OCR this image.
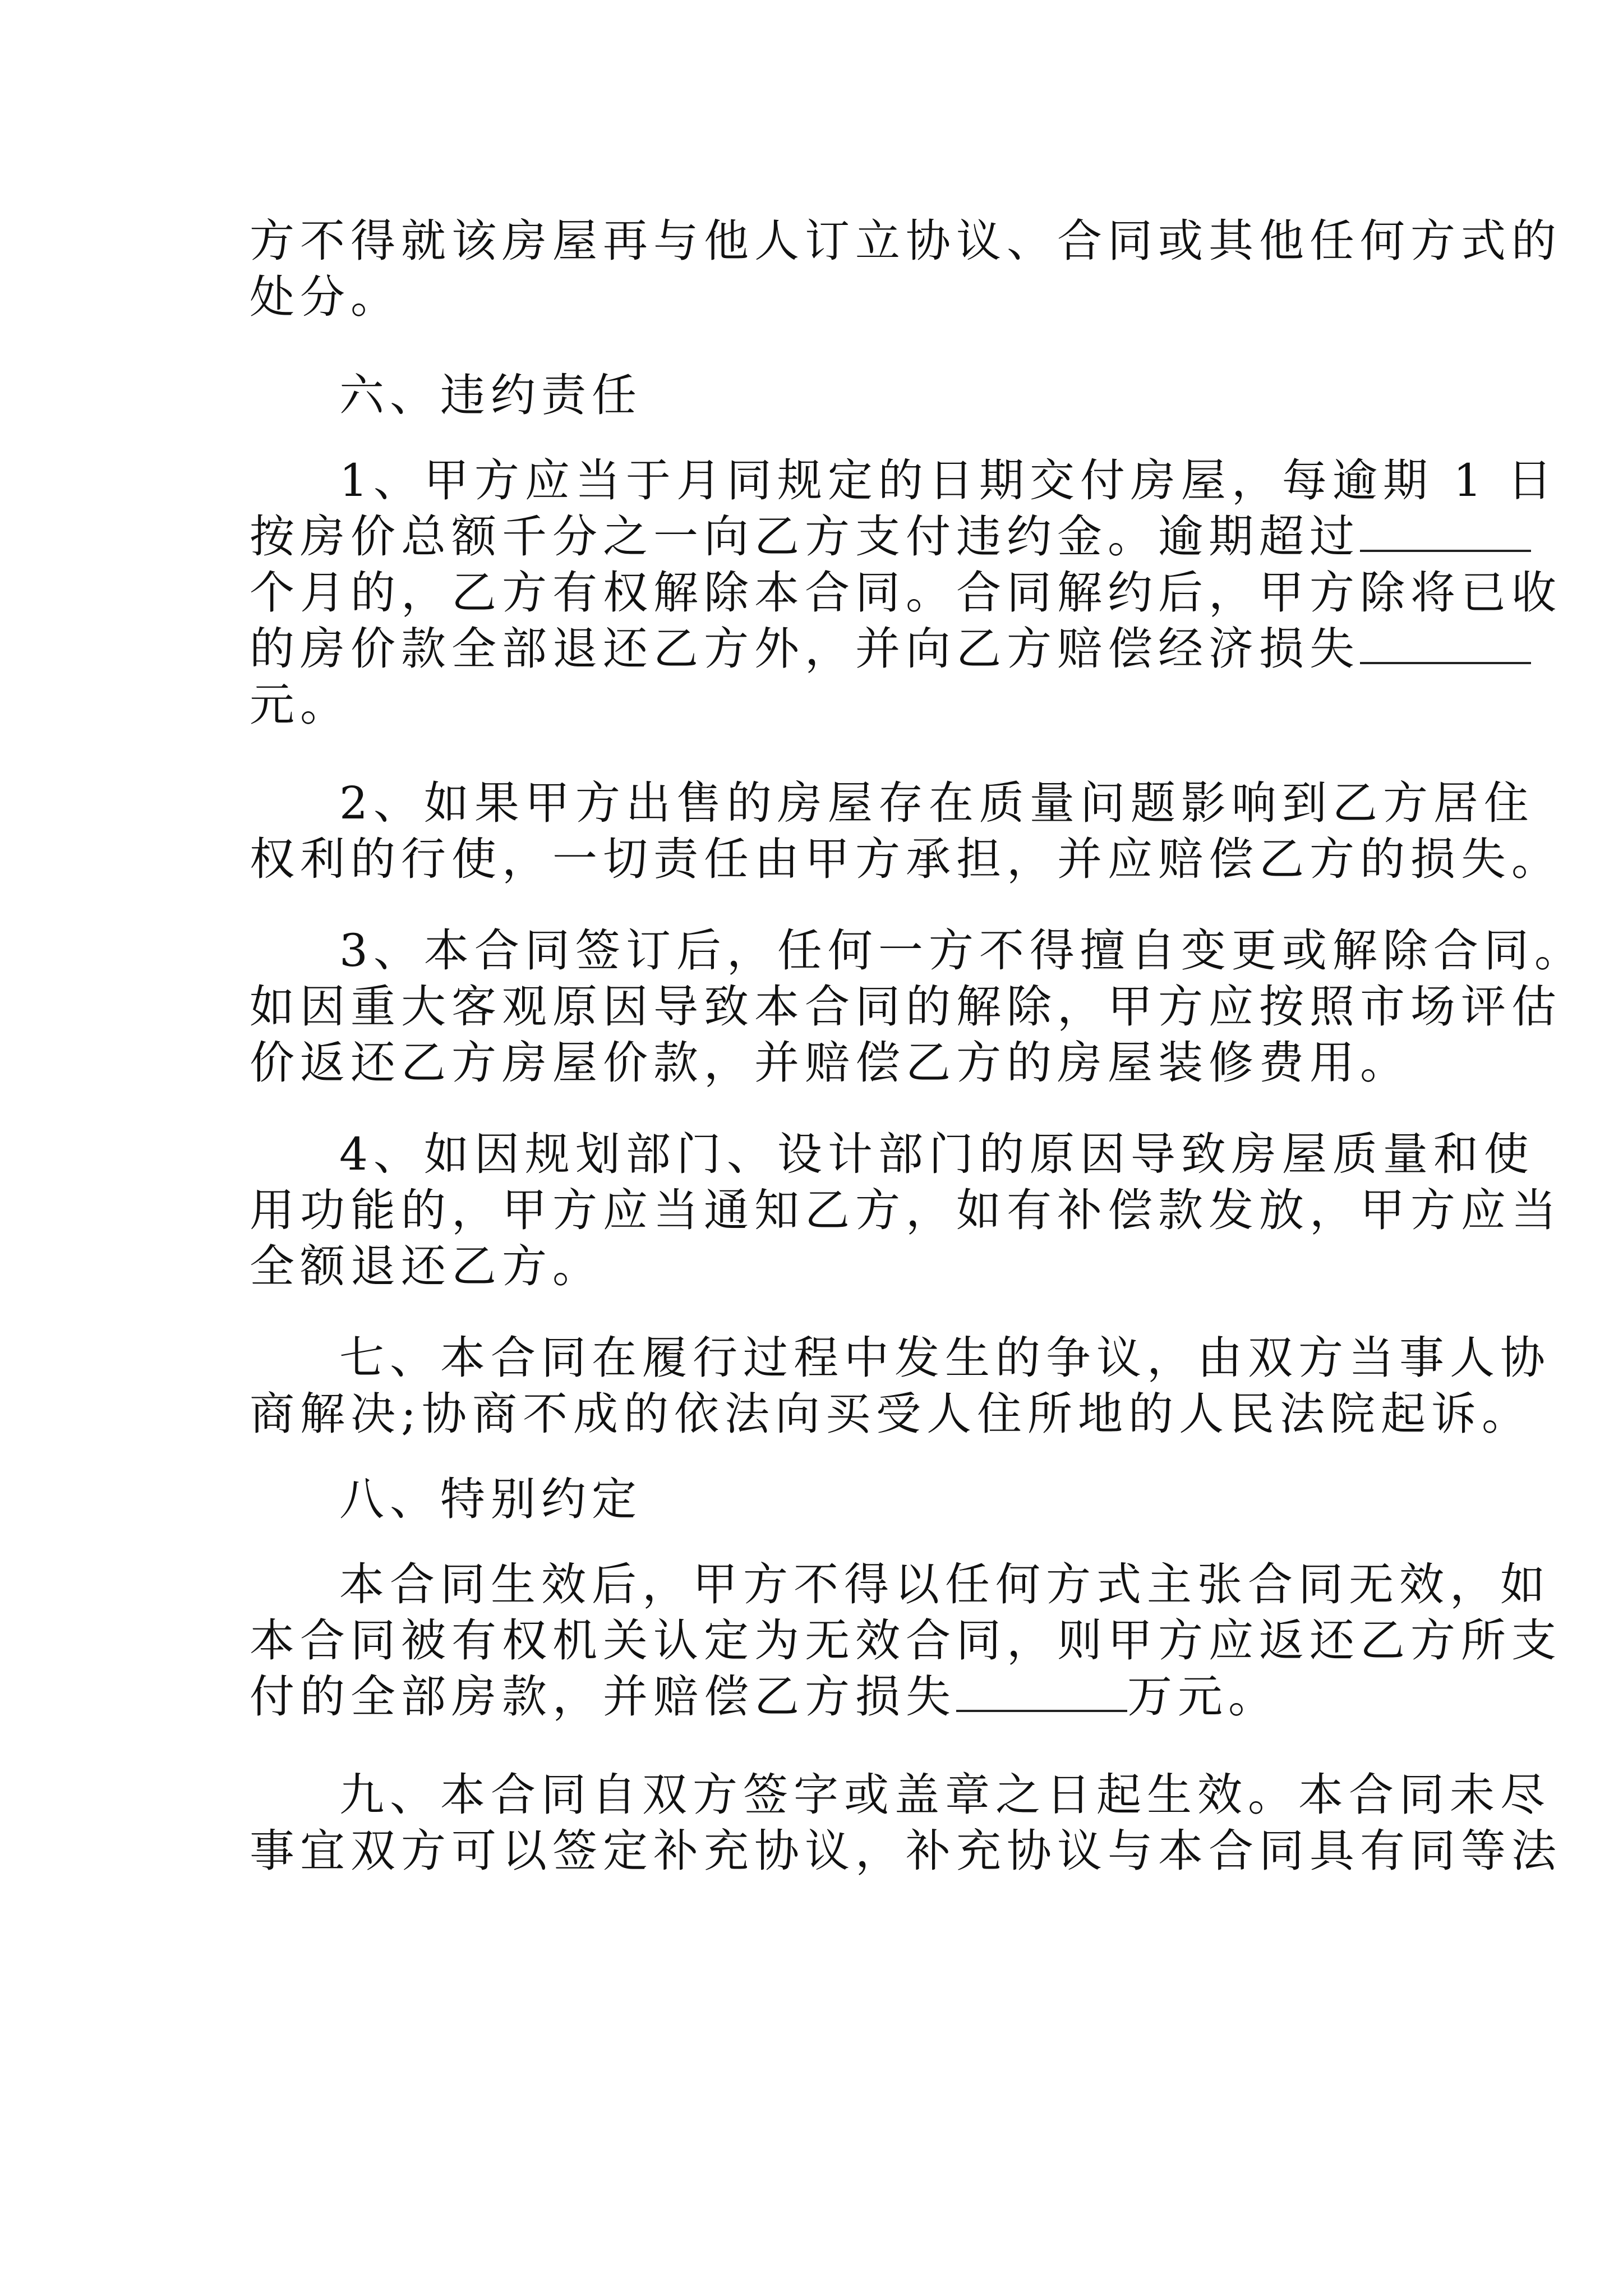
方不得就该房屋再与他人订立协议、合同或其他任何方式的

处分。

六、违约责任

1、甲方应当于月同规定的日期交付房屋，每逾期 1 日

按房价总额千分之一向乙方支付违约金。逾期超过

个月的，乙方有权解除本合同。合同解约后，甲方除将已收

的房价款全部退还乙方外，并向乙方赔偿经济损失

元。

2、如果甲方出售的房屋存在质量问题影响到乙方居住

权利的行使，一切责任由甲方承担，并应赔偿乙方的损失。

3、本合同签订后，任何一方不得擅自变更或解除合同。

如因重大客观原因导致本合同的解除，甲方应按照市场评估

价返还乙方房屋价款，并赔偿乙方的房屋装修费用。

4、如因规划部门、设计部门的原因导致房屋质量和使

用功能的，甲方应当通知乙方，如有补偿款发放，甲方应当

全额退还乙方。

七、本合同在履行过程中发生的争议，由双方当事人协

商解决;协商不成的依法向买受人住所地的人民法院起诉。

八、特别约定

本合同生效后，甲方不得以任何方式主张合同无效，如

本合同被有权机关认定为无效合同，则甲方应返还乙方所支

付的全部房款，并赔偿乙方损失	万元。

九、本合同自双方签字或盖章之日起生效。本合同未尽

事宜双方可以签定补充协议，补充协议与本合同具有同等法
